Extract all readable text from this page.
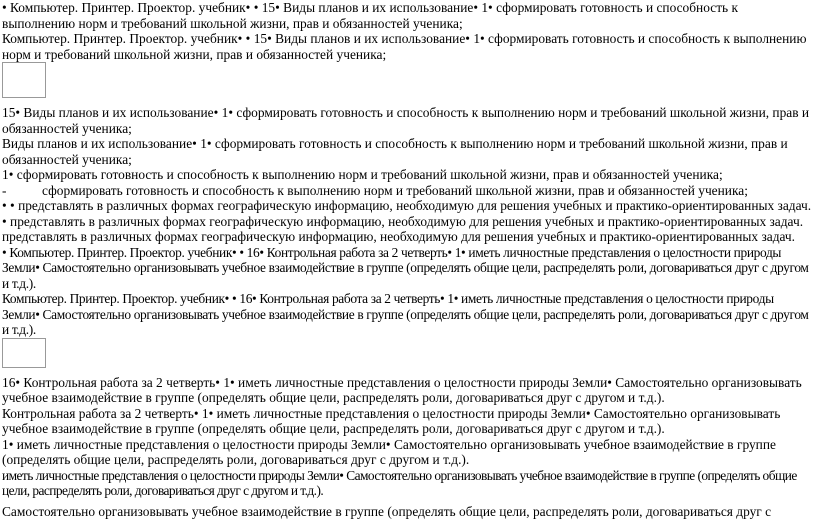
• Компьютер. Принтер. Проектор. учебник• • 15• Виды планов и их использование• 1• сформировать готовность и способность к выполнению норм и требований школьной жизни, прав и обязанностей ученика;

Компьютер. Принтер. Проектор. учебник• • 15• Виды планов и их использование• 1• сформировать готовность и способность к выполнению норм и требований школьной жизни, прав и обязанностей ученика;

15• Виды планов и их использование• 1• сформировать готовность и способность к выполнению норм и требований школьной жизни, прав и обязанностей ученика;

Виды планов и их использование• 1• сформировать готовность и способность к выполнению норм и требований школьной жизни, прав и обязанностей ученика;

1• сформировать готовность и способность к выполнению норм и требований школьной жизни, прав и обязанностей ученика;

-	сформировать готовность и способность к выполнению норм и требований школьной жизни, прав и обязанностей ученика;

• • представлять в различных формах географическую информацию, необходимую для решения учебных и практико-ориентированных задач.

• представлять в различных формах географическую информацию, необходимую для решения учебных и практико-ориентированных задач.

представлять в различных формах географическую информацию, необходимую для решения учебных и практико-ориентированных задач.

• Компьютер. Принтер. Проектор. учебник• • 16• Контрольная работа за 2 четверть• 1• иметь личностные представления о целостности природы Земли• Самостоятельно организовывать учебное взаимодействие в группе (определять общие цели, распределять роли, договариваться друг с другом и т.д.).

Компьютер. Принтер. Проектор. учебник• • 16• Контрольная работа за 2 четверть• 1• иметь личностные представления о целостности природы Земли• Самостоятельно организовывать учебное взаимодействие в группе (определять общие цели, распределять роли, договариваться друг с другом и т.д.).

16• Контрольная работа за 2 четверть• 1• иметь личностные представления о целостности природы Земли• Самостоятельно организовывать учебное взаимодействие в группе (определять общие цели, распределять роли, договариваться друг с другом и т.д.).

Контрольная работа за 2 четверть• 1• иметь личностные представления о целостности природы Земли• Самостоятельно организовывать учебное взаимодействие в группе (определять общие цели, распределять роли, договариваться друг с другом и т.д.).

1• иметь личностные представления о целостности природы Земли• Самостоятельно организовывать учебное взаимодействие в группе (определять общие цели, распределять роли, договариваться друг с другом и т.д.).

иметь личностные представления о целостности природы Земли• Самостоятельно организовывать учебное взаимодействие в группе (определять общие цели, распределять роли, договариваться друг с другом и т.д.).

Самостоятельно организовывать учебное взаимодействие в группе (определять общие цели, распределять роли, договариваться друг с
